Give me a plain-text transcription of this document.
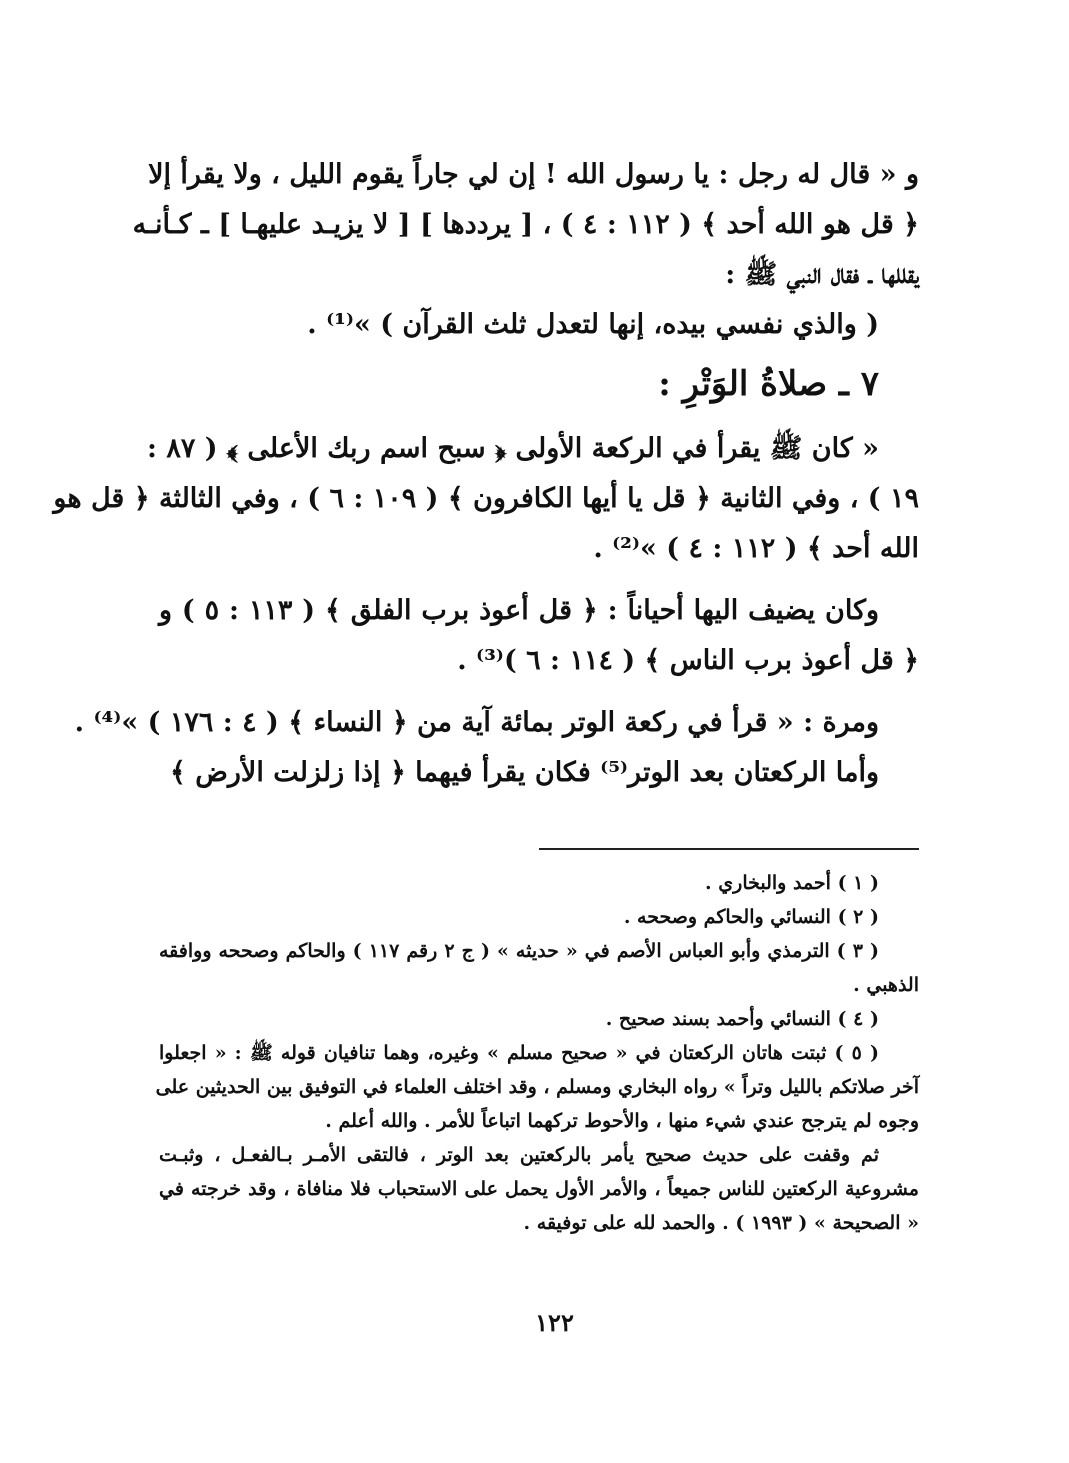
و « قال له رجل : يا رسول الله ! إن لي جاراً يقوم الليل ، ولا يقرأ إلا
﴿ قل هو الله أحد ﴾ ( ١١٢ : ٤ ) ، [ يرددها ] [ لا يزيـد عليهـا ] ـ كـأنـه
يقللها ـ فقال النبي ﷺ :
( والذي نفسي بيده، إنها لتعدل ثلث القرآن ) »⁽¹⁾ .
٧ ـ صلاةُ الوَتْرِ :
« كان ﷺ يقرأ في الركعة الأولى ﴿ سبح اسم ربك الأعلى ﴾ ( ٨٧ :
١٩ ) ، وفي الثانية ﴿ قل يا أيها الكافرون ﴾ ( ١٠٩ : ٦ ) ، وفي الثالثة ﴿ قل هو
الله أحد ﴾ ( ١١٢ : ٤ ) »⁽²⁾ .
وكان يضيف اليها أحياناً : ﴿ قل أعوذ برب الفلق ﴾ ( ١١٣ : ٥ ) و
﴿ قل أعوذ برب الناس ﴾ ( ١١٤ : ٦ )⁽³⁾ .
ومرة : « قرأ في ركعة الوتر بمائة آية من ﴿ النساء ﴾ ( ٤ : ١٧٦ ) »⁽⁴⁾ .
وأما الركعتان بعد الوتر⁽⁵⁾ فكان يقرأ فيهما ﴿ إذا زلزلت الأرض ﴾
( ١ ) أحمد والبخاري .
( ٢ ) النسائي والحاكم وصححه .
( ٣ ) الترمذي وأبو العباس الأصم في « حديثه » ( ج ٢ رقم ١١٧ ) والحاكم وصححه ووافقه
الذهبي .
( ٤ ) النسائي وأحمد بسند صحيح .
( ٥ ) ثبتت هاتان الركعتان في « صحيح مسلم » وغيره، وهما تنافيان قوله ﷺ : « اجعلوا
آخر صلاتكم بالليل وتراً » رواه البخاري ومسلم ، وقد اختلف العلماء في التوفيق بين الحديثين على
وجوه لم يترجح عندي شيء منها ، والأحوط تركهما اتباعاً للأمر . والله أعلم .
ثم وقفت على حديث صحيح يأمر بالركعتين بعد الوتر ، فالتقى الأمـر بـالفعـل ، وثبـت
مشروعية الركعتين للناس جميعاً ، والأمر الأول يحمل على الاستحباب فلا منافاة ، وقد خرجته في
« الصحيحة » ( ١٩٩٣ ) . والحمد لله على توفيقه .
١٢٢
